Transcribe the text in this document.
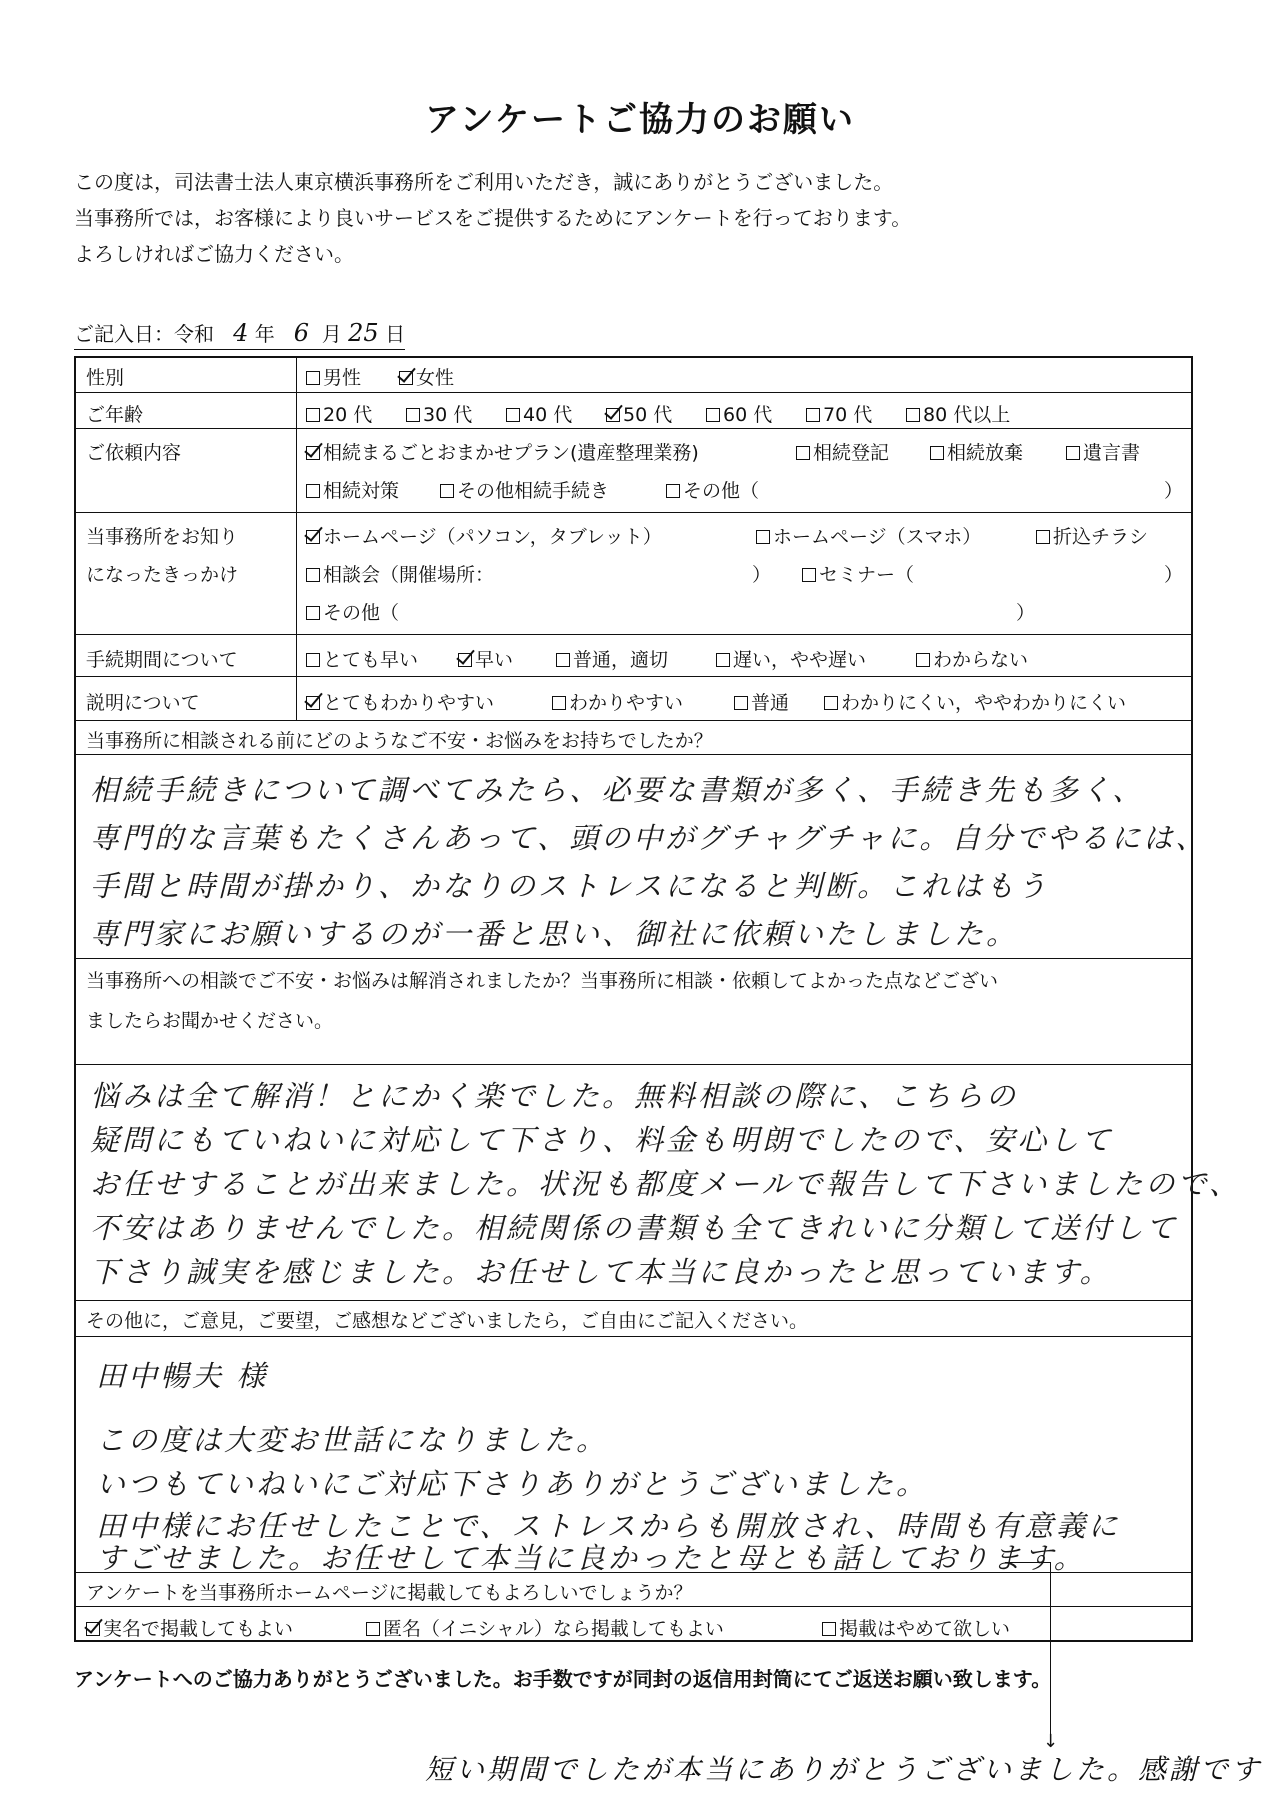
アンケートご協力のお願い
この度は，司法書士法人東京横浜事務所をご利用いただき，誠にありがとうございました。
当事務所では，お客様により良いサービスをご提供するためにアンケートを行っております。
よろしければご協力ください。
ご記入日：令和 4 年 6 月 25 日
性別	男性	女性
ご年齢	20 代	30 代	40 代	50 代	60 代	70 代	80 代以上
ご依頼内容	相続まるごとおまかせプラン(遺産整理業務)	相続登記	相続放棄	遺言書
相続対策	その他相続手続き	その他（	）
当事務所をお知り
になったきっかけ
ホームページ（パソコン，タブレット）	ホームページ（スマホ）	折込チラシ
相談会（開催場所：	）	セミナー（	）
その他（	）
手続期間について	とても早い	早い	普通，適切	遅い，やや遅い	わからない
説明について	とてもわかりやすい	わかりやすい	普通	わかりにくい，ややわかりにくい
当事務所に相談される前にどのようなご不安・お悩みをお持ちでしたか？
相続手続きについて調べてみたら、必要な書類が多く、手続き先も多く、
専門的な言葉もたくさんあって、頭の中がグチャグチャに。自分でやるには、
手間と時間が掛かり、かなりのストレスになると判断。これはもう
専門家にお願いするのが一番と思い、御社に依頼いたしました。
当事務所への相談でご不安・お悩みは解消されましたか？当事務所に相談・依頼してよかった点などござい
ましたらお聞かせください。
悩みは全て解消！とにかく楽でした。無料相談の際に、こちらの
疑問にもていねいに対応して下さり、料金も明朗でしたので、安心して
お任せすることが出来ました。状況も都度メールで報告して下さいましたので、
不安はありませんでした。相続関係の書類も全てきれいに分類して送付して
下さり誠実を感じました。お任せして本当に良かったと思っています。
その他に，ご意見，ご要望，ご感想などございましたら，ご自由にご記入ください。
田中暢夫 様
この度は大変お世話になりました。
いつもていねいにご対応下さりありがとうございました。
田中様にお任せしたことで、ストレスからも開放され、時間も有意義に
すごせました。お任せして本当に良かったと母とも話しております。
アンケートを当事務所ホームページに掲載してもよろしいでしょうか？
実名で掲載してもよい	匿名（イニシャル）なら掲載してもよい	掲載はやめて欲しい
↓
アンケートへのご協力ありがとうございました。お手数ですが同封の返信用封筒にてご返送お願い致します。
短い期間でしたが本当にありがとうございました。感謝です
